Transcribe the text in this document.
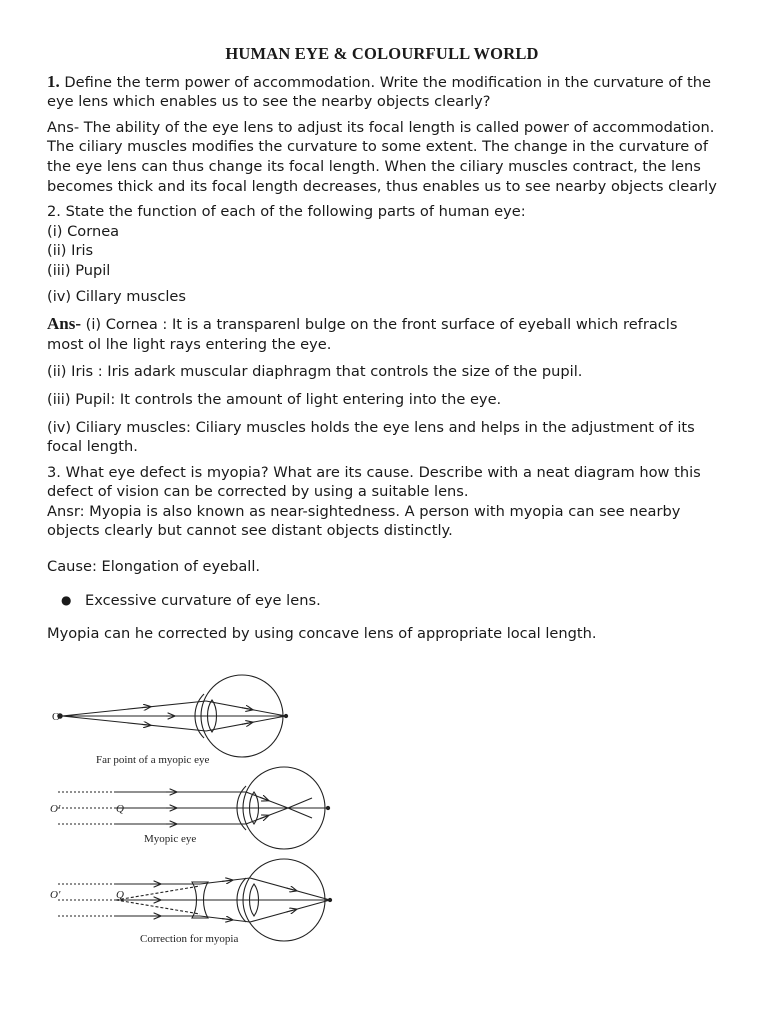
HUMAN EYE & COLOURFULL WORLD

1. Define the term power of accommodation. Write the modification in the curvature of the eye lens which enables us to see the nearby objects clearly?

Ans- The ability of the eye lens to adjust its focal length is called power of accommodation. The ciliary muscles modifies the curvature to some extent. The change in the curvature of the eye lens can thus change its focal length. When the ciliary muscles contract, the lens becomes thick and its focal length decreases, thus enables us to see nearby objects clearly

2. State the function of each of the following parts of human eye:

(i) Cornea

(ii) Iris

(iii) Pupil

(iv) Cillary muscles

Ans- (i) Cornea : It is a transparenl bulge on the front surface of eyeball which refracls most ol lhe light rays entering the eye.

(ii) Iris : Iris adark muscular diaphragm that controls the size of the pupil.

(iii) Pupil: It controls the amount of light entering into the eye.

(iv) Ciliary muscles: Ciliary muscles holds the eye lens and helps in the adjustment of its focal length.

3. What eye defect is myopia? What are its cause. Describe with a neat diagram how this defect of vision can be corrected by using a suitable lens.

Ansr: Myopia is also known as near-sightedness. A person with myopia can see nearby objects clearly but cannot see distant objects distinctly.

Cause: Elongation of eyeball.

● Excessive curvature of eye lens.

Myopia can he corrected by using concave lens of appropriate local length.

O
Far point of a myopic eye
O'	Q
Myopic eye
O'	Q
Correction for myopia
